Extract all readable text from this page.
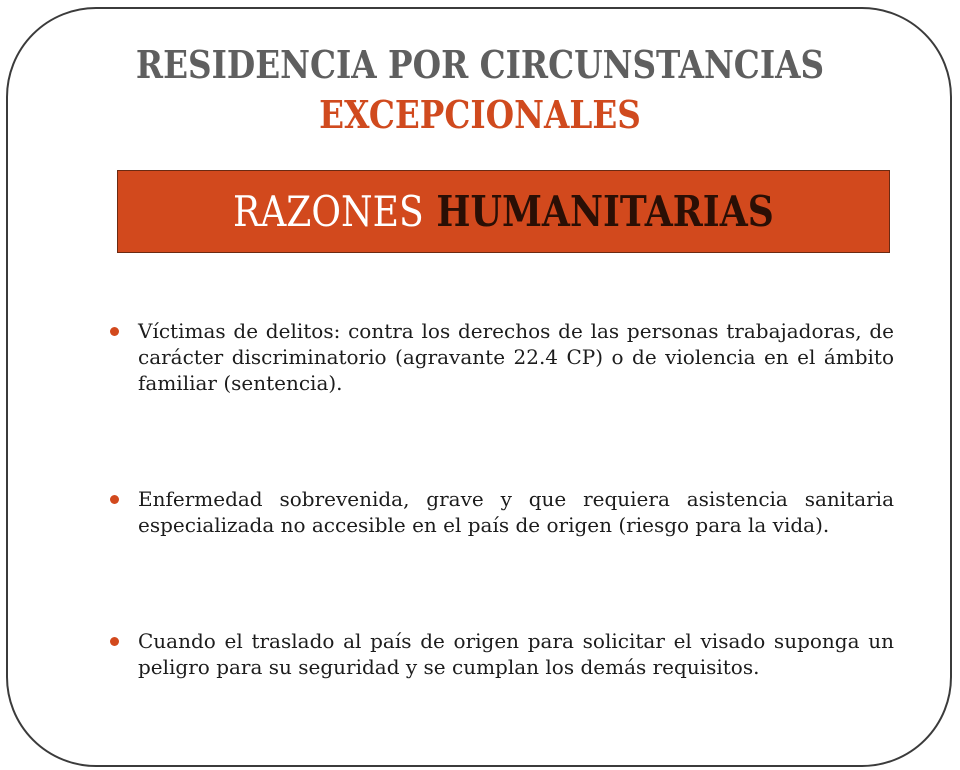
RESIDENCIA POR CIRCUNSTANCIAS
EXCEPCIONALES
RAZONES HUMANITARIAS
Víctimas de delitos: contra los derechos de las personas trabajadoras, de carácter discriminatorio (agravante 22.4 CP) o de violencia en el ámbito familiar (sentencia).
Enfermedad sobrevenida, grave y que requiera asistencia sanitaria especializada no accesible en el país de origen (riesgo para la vida).
Cuando el traslado al país de origen para solicitar el visado suponga un peligro para su seguridad y se cumplan los demás requisitos.
